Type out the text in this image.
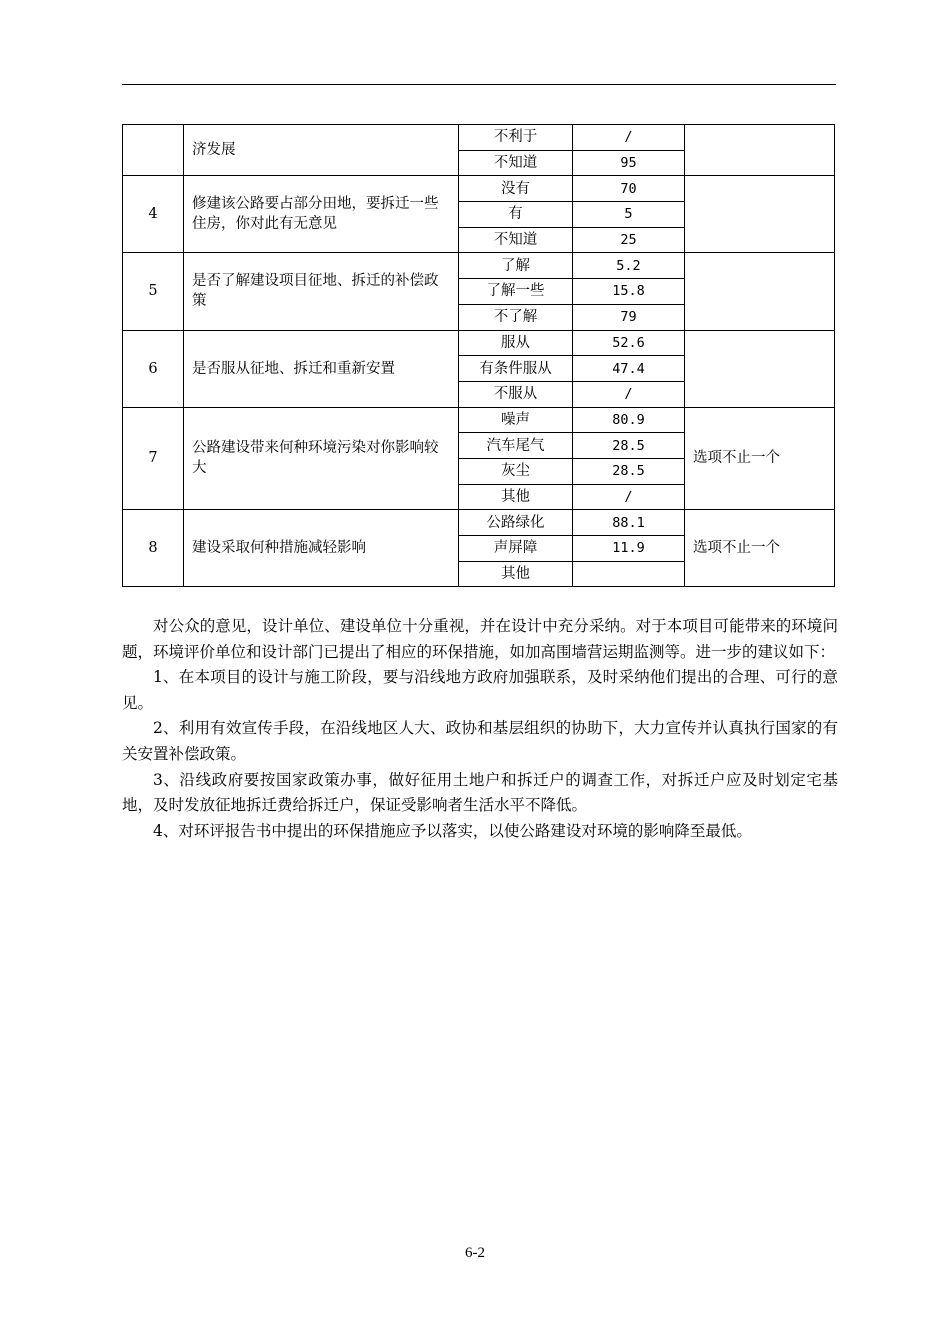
	济发展	不利于	/	
		不知道	95	
4	修建该公路要占部分田地，要拆迁一些住房，你对此有无意见	没有	70	
		有	5	
		不知道	25	
5	是否了解建设项目征地、拆迁的补偿政策	了解	5.2	
		了解一些	15.8	
		不了解	79	
6	是否服从征地、拆迁和重新安置	服从	52.6	
		有条件服从	47.4	
		不服从	/	
7	公路建设带来何种环境污染对你影响较大	噪声	80.9	选项不止一个
		汽车尾气	28.5	
		灰尘	28.5	
		其他	/	
8	建设采取何种措施减轻影响	公路绿化	88.1	选项不止一个
		声屏障	11.9	
		其他		

对公众的意见，设计单位、建设单位十分重视，并在设计中充分采纳。对于本项目可能带来的环境问题，环境评价单位和设计部门已提出了相应的环保措施，如加高围墙营运期监测等。进一步的建议如下：

1、在本项目的设计与施工阶段，要与沿线地方政府加强联系，及时采纳他们提出的合理、可行的意见。

2、利用有效宣传手段，在沿线地区人大、政协和基层组织的协助下，大力宣传并认真执行国家的有关安置补偿政策。

3、沿线政府要按国家政策办事，做好征用土地户和拆迁户的调查工作，对拆迁户应及时划定宅基地，及时发放征地拆迁费给拆迁户，保证受影响者生活水平不降低。

4、对环评报告书中提出的环保措施应予以落实，以使公路建设对环境的影响降至最低。

6-2
